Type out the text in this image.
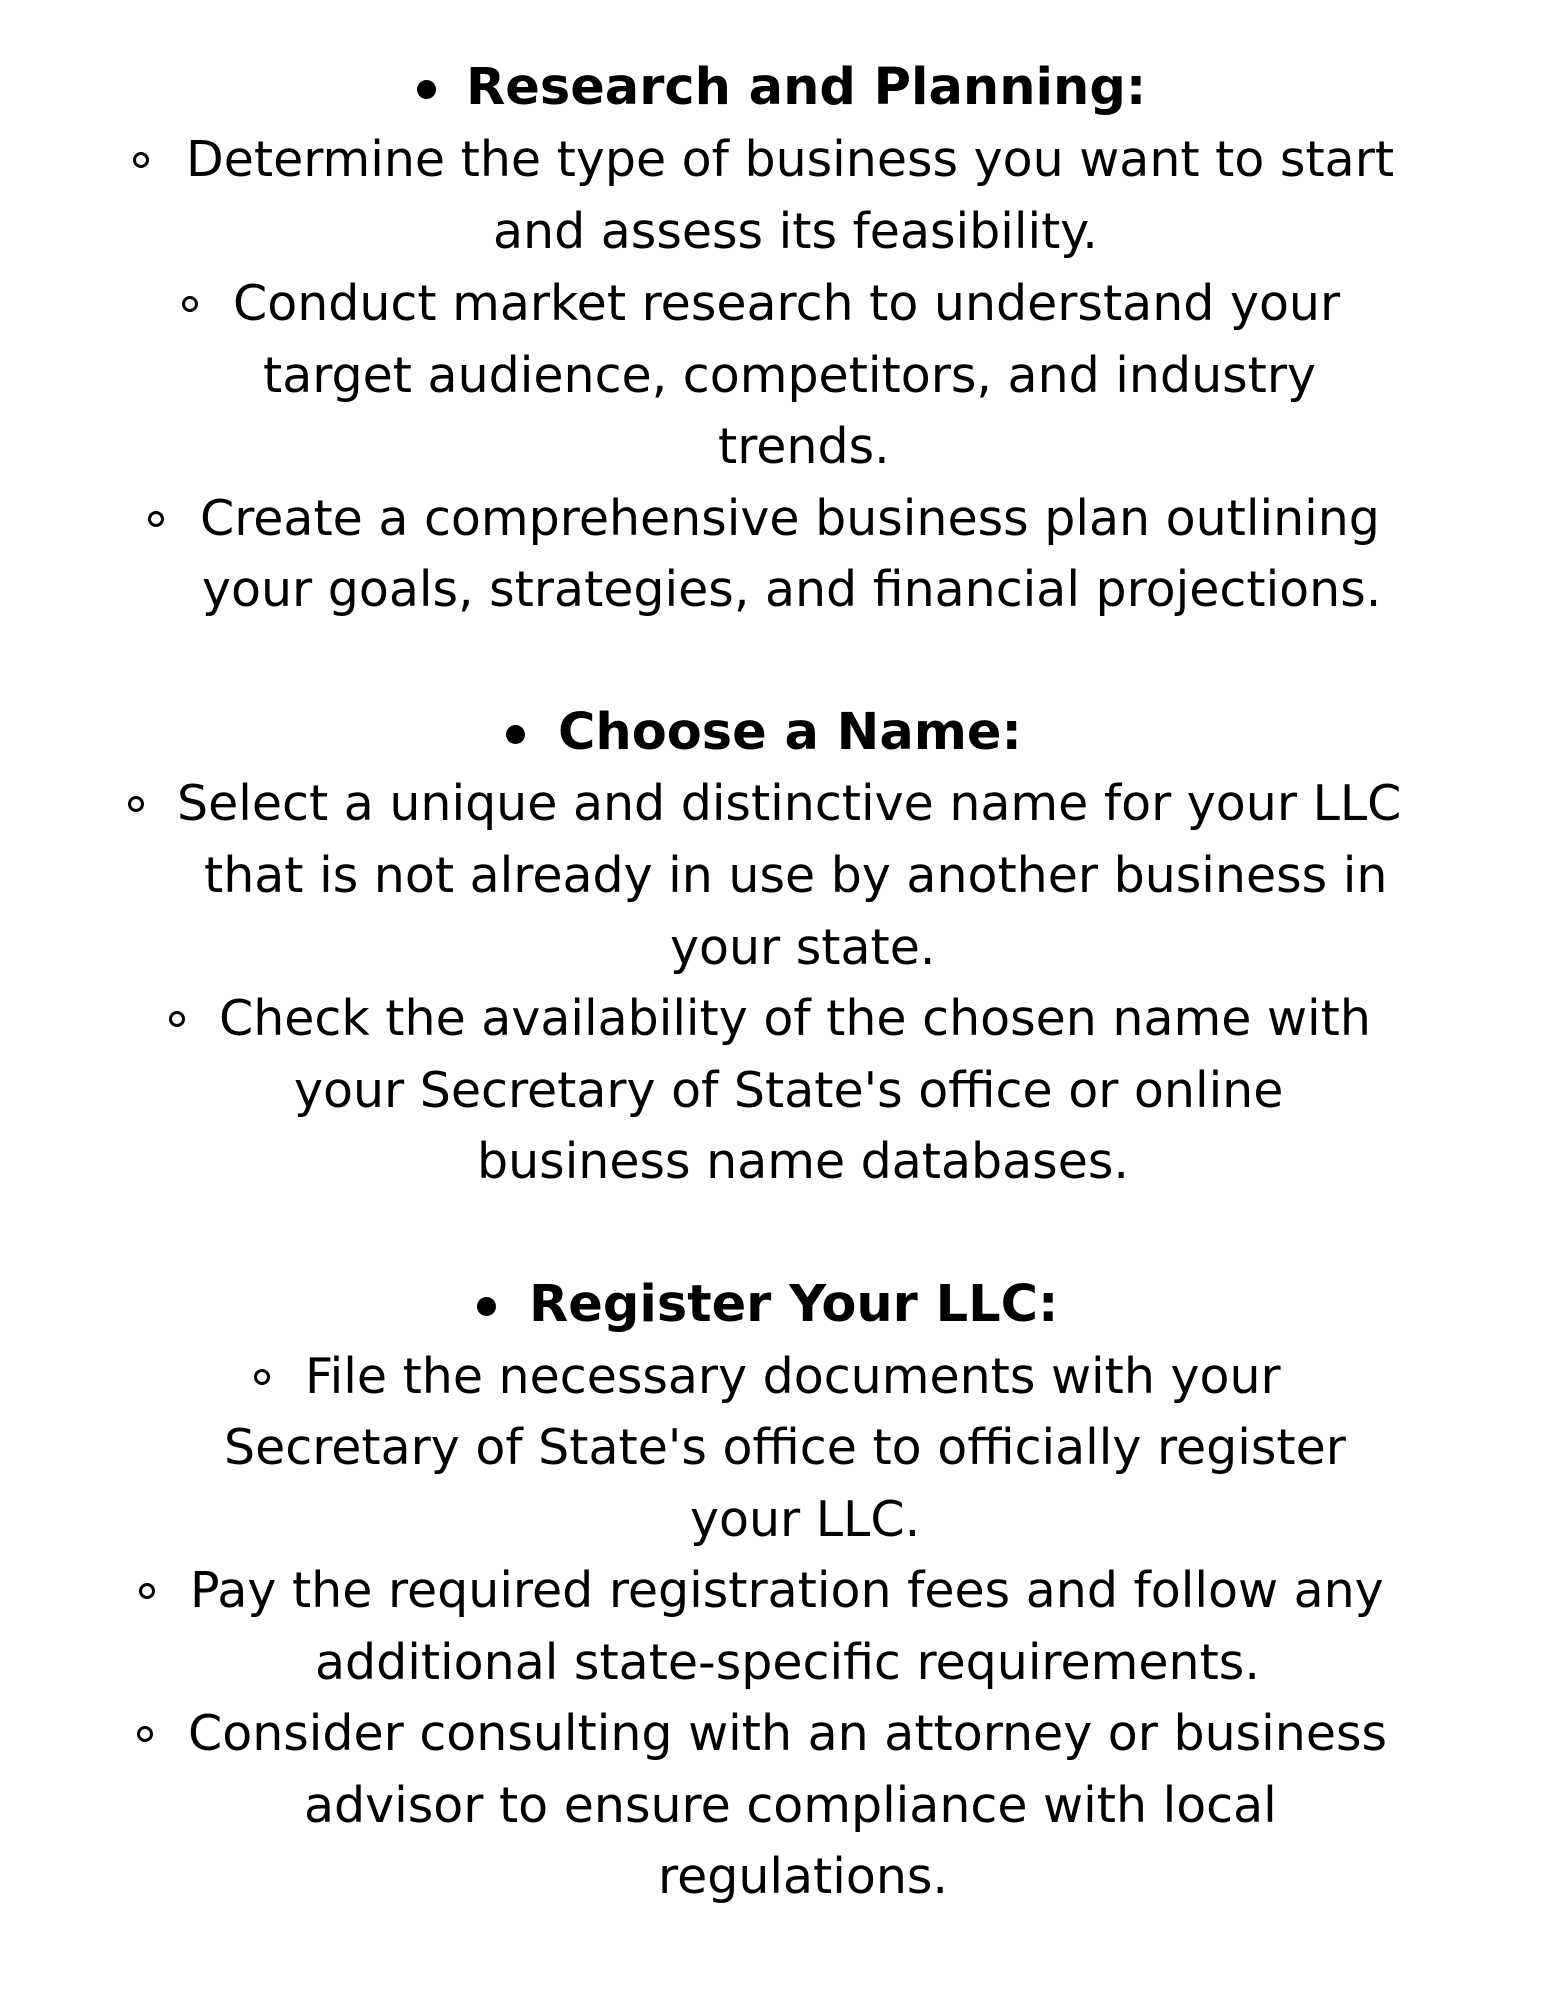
Research and Planning:
Determine the type of business you want to start
and assess its feasibility.
Conduct market research to understand your
target audience, competitors, and industry
trends.
Create a comprehensive business plan outlining
your goals, strategies, and financial projections.
Choose a Name:
Select a unique and distinctive name for your LLC
that is not already in use by another business in
your state.
Check the availability of the chosen name with
your Secretary of State's office or online
business name databases.
Register Your LLC:
File the necessary documents with your
Secretary of State's office to officially register
your LLC.
Pay the required registration fees and follow any
additional state-specific requirements.
Consider consulting with an attorney or business
advisor to ensure compliance with local
regulations.
